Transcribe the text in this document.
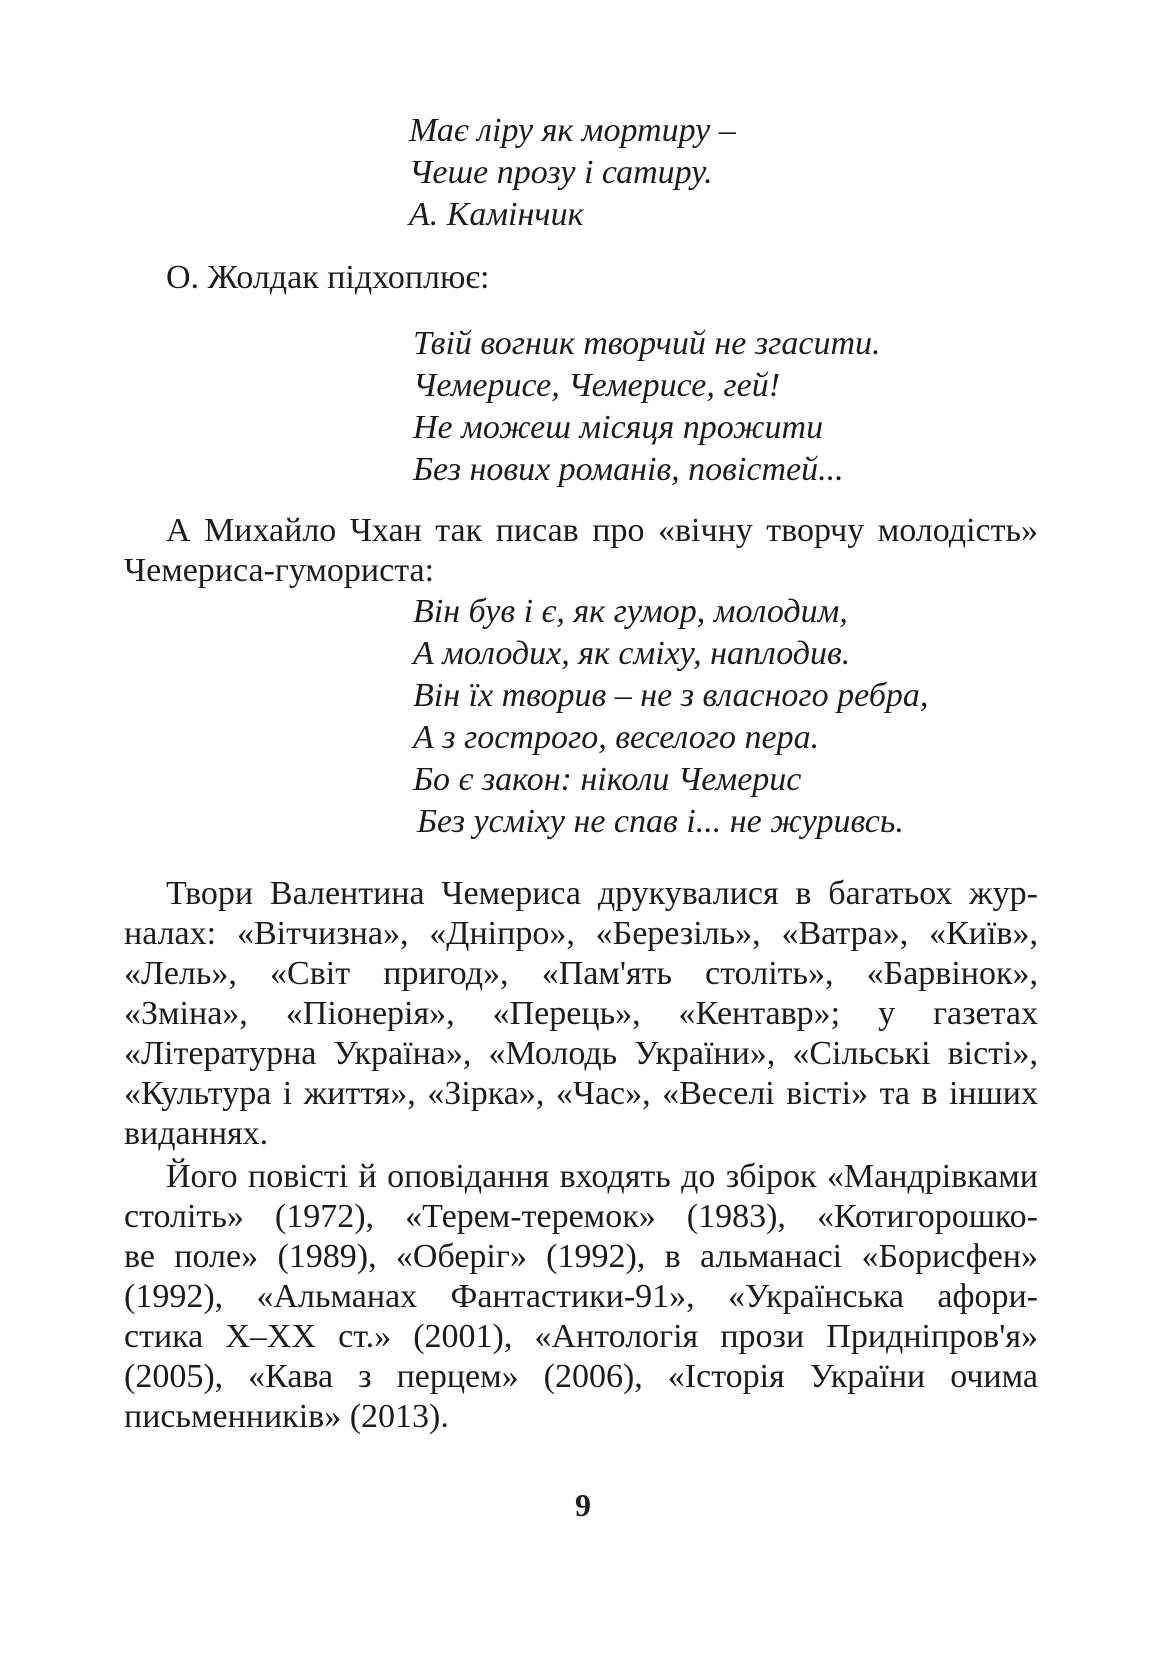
Має ліру як мортиру –
Чеше прозу і сатиру.
А. Камінчик
О. Жолдак підхоплює:
Твій вогник творчий не згасити.
Чемерисе, Чемерисе, гей!
Не можеш місяця прожити
Без нових романів, повістей...
А Михайло Чхан так писав про «вічну творчу молодість»
Чемериса-гумориста:
Він був і є, як гумор, молодим,
А молодих, як сміху, наплодив.
Він їх творив – не з власного ребра,
А з гострого, веселого пера.
Бо є закон: ніколи Чемерис
Без усміху не спав і... не журивсь.
Твори Валентина Чемериса друкувалися в багатьох жур-
налах: «Вітчизна», «Дніпро», «Березіль», «Ватра», «Київ»,
«Лель», «Світ пригод», «Пам'ять століть», «Барвінок»,
«Зміна», «Піонерія», «Перець», «Кентавр»; у газетах
«Літературна Україна», «Молодь України», «Сільські вісті»,
«Культура і життя», «Зірка», «Час», «Веселі вісті» та в інших
виданнях.
Його повісті й оповідання входять до збірок «Мандрівками
століть» (1972), «Терем-теремок» (1983), «Котигорошко-
ве поле» (1989), «Оберіг» (1992), в альманасі «Борисфен»
(1992), «Альманах Фантастики-91», «Українська афори-
стика X–XX ст.» (2001), «Антологія прози Придніпров'я»
(2005), «Кава з перцем» (2006), «Історія України очима
письменників» (2013).
9
